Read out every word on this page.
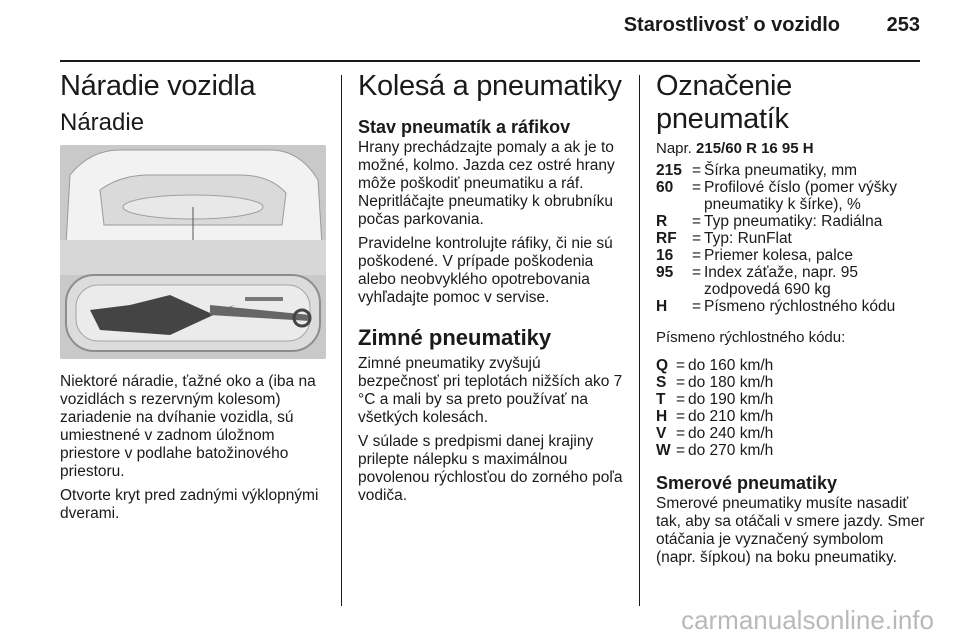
Starostlivosť o vozidlo 253
Náradie vozidla
Náradie

Niektoré náradie, ťažné oko a (iba na vozidlách s rezervným kolesom) zariadenie na dvíhanie vozidla, sú umiestnené v zadnom úložnom priestore v podlahe batožinového priestoru.

Otvorte kryt pred zadnými výklopnými dverami.

Kolesá a pneumatiky
Stav pneumatík a ráfikov

Hrany prechádzajte pomaly a ak je to možné, kolmo. Jazda cez ostré hrany môže poškodiť pneumatiku a ráf. Nepritláčajte pneumatiky k obrubníku počas parkovania.

Pravidelne kontrolujte ráfiky, či nie sú poškodené. V prípade poškodenia alebo neobvyklého opotrebovania vyhľadajte pomoc v servise.

Zimné pneumatiky

Zimné pneumatiky zvyšujú bezpečnosť pri teplotách nižších ako 7 °C a mali by sa preto používať na všetkých kolesách.

V súlade s predpismi danej krajiny prilepte nálepku s maximálnou povolenou rýchlosťou do zorného poľa vodiča.

Označenie pneumatík

Napr. 215/60 R 16 95 H

215 = Šírka pneumatiky, mm
60	= Profilové číslo (pomer výšky pneumatiky k šírke), %
R	= Typ pneumatiky: Radiálna
RF = Typ: RunFlat
16	= Priemer kolesa, palce
95	= Index záťaže, napr. 95 zodpovedá 690 kg
H	= Písmeno rýchlostného kódu

Písmeno rýchlostného kódu:

Q = do 160 km/h
S = do 180 km/h
T = do 190 km/h
H = do 210 km/h
V = do 240 km/h
W = do 270 km/h
Smerové pneumatiky

Smerové pneumatiky musíte nasadiť tak, aby sa otáčali v smere jazdy. Smer otáčania je vyznačený symbolom (napr. šípkou) na boku pneumatiky.

carmanualsonline.info
